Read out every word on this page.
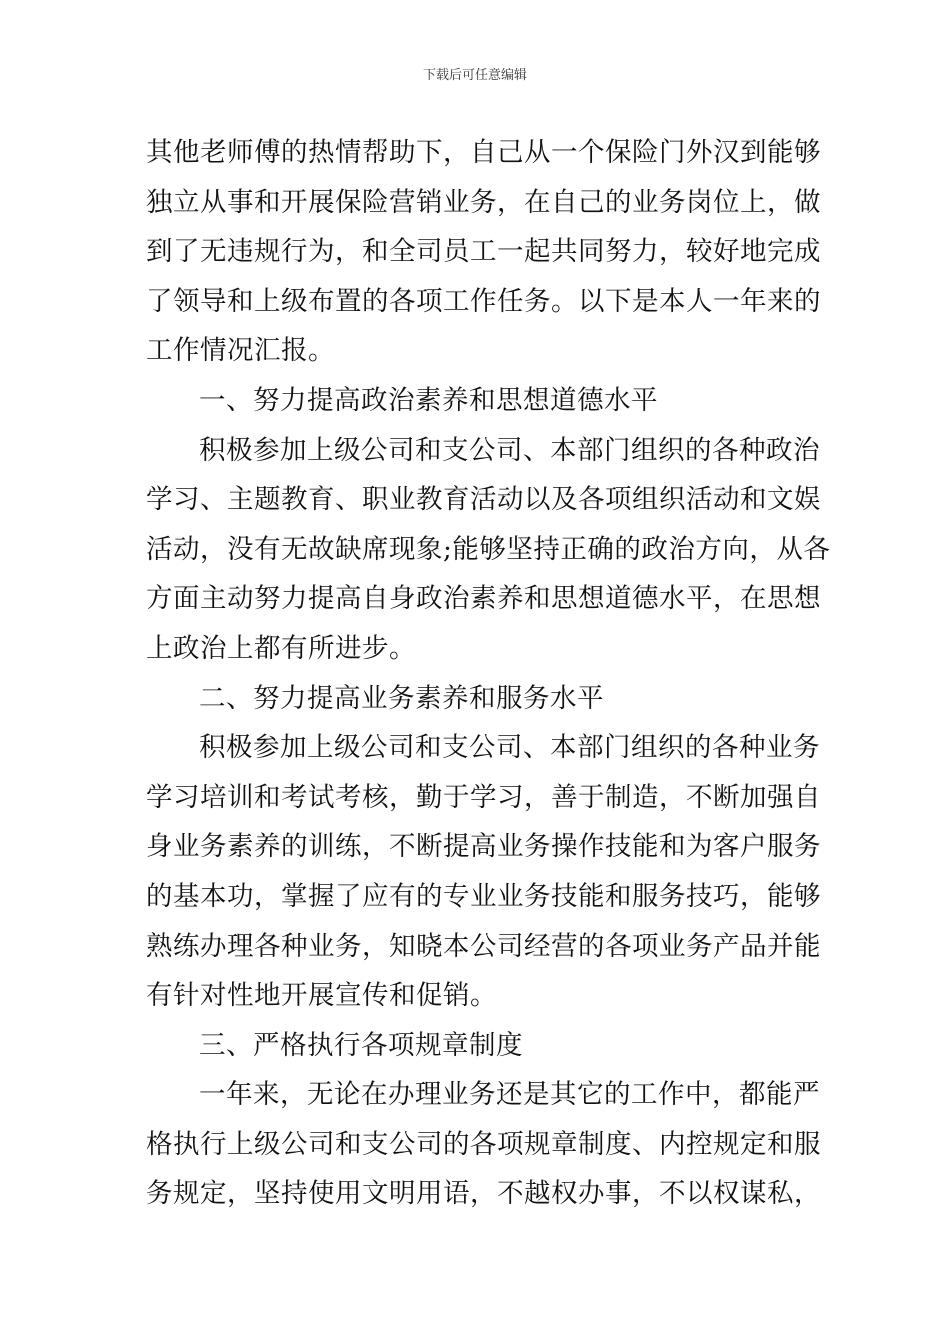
下载后可任意编辑
其他老师傅的热情帮助下，自己从一个保险门外汉到能够
独立从事和开展保险营销业务，在自己的业务岗位上，做
到了无违规行为，和全司员工一起共同努力，较好地完成
了领导和上级布置的各项工作任务。以下是本人一年来的
工作情况汇报。
一、努力提高政治素养和思想道德水平
积极参加上级公司和支公司、本部门组织的各种政治
学习、主题教育、职业教育活动以及各项组织活动和文娱
活动，没有无故缺席现象;能够坚持正确的政治方向，从各
方面主动努力提高自身政治素养和思想道德水平，在思想
上政治上都有所进步。
二、努力提高业务素养和服务水平
积极参加上级公司和支公司、本部门组织的各种业务
学习培训和考试考核，勤于学习，善于制造，不断加强自
身业务素养的训练，不断提高业务操作技能和为客户服务
的基本功，掌握了应有的专业业务技能和服务技巧，能够
熟练办理各种业务，知晓本公司经营的各项业务产品并能
有针对性地开展宣传和促销。
三、严格执行各项规章制度
一年来，无论在办理业务还是其它的工作中，都能严
格执行上级公司和支公司的各项规章制度、内控规定和服
务规定，坚持使用文明用语，不越权办事，不以权谋私，
